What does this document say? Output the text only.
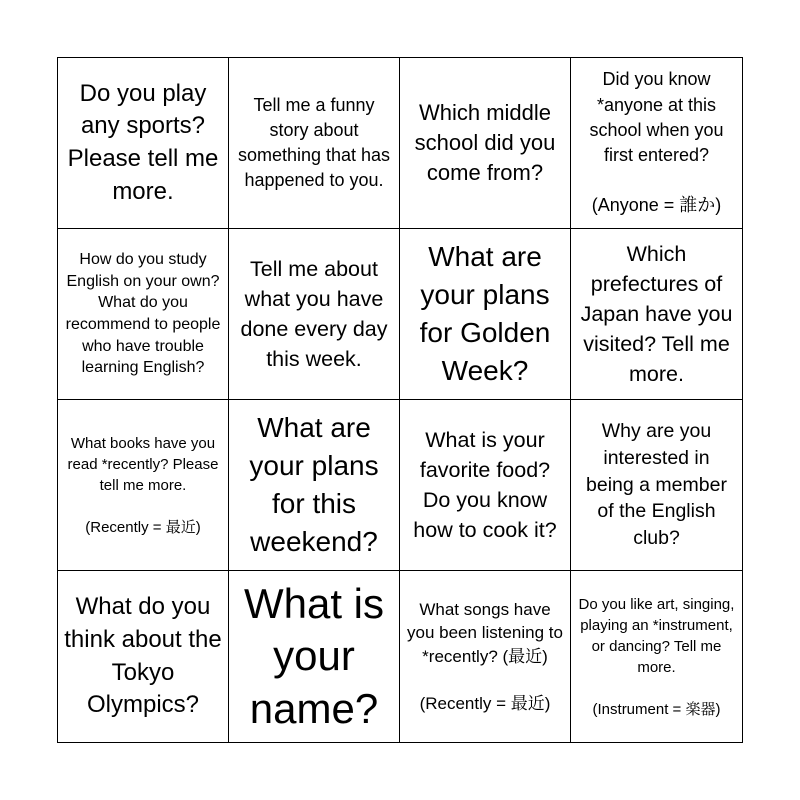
Do you play any sports? Please tell me more.
Tell me a funny story about something that has happened to you.
Which middle school did you come from?
Did you know *anyone at this school when you first entered?

(Anyone = 誰か)
How do you study English on your own? What do you recommend to people who have trouble learning English?
Tell me about what you have done every day this week.
What are your plans for Golden Week?
Which prefectures of Japan have you visited? Tell me more.
What books have you read *recently? Please tell me more.

(Recently = 最近)
What are your plans for this weekend?
What is your favorite food? Do you know how to cook it?
Why are you interested in being a member of the English club?
What do you think about the Tokyo Olympics?
What is your name?
What songs have you been listening to *recently? (最近)

(Recently = 最近)
Do you like art, singing, playing an *instrument, or dancing? Tell me more.

(Instrument = 楽器)
